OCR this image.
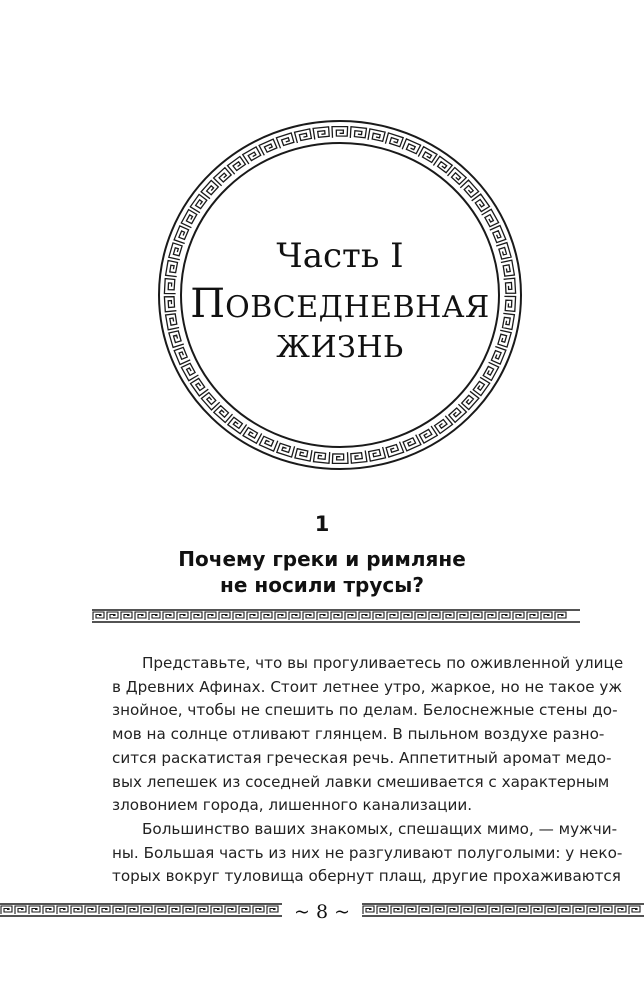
Часть I
ПОВСЕДНЕВНАЯ
ЖИЗНЬ
1
Почему греки и римляне
не носили трусы?
Представьте, что вы прогуливаетесь по оживленной улице
в Древних Афинах. Стоит летнее утро, жаркое, но не такое уж
знойное, чтобы не спешить по делам. Белоснежные стены до-
мов на солнце отливают глянцем. В пыльном воздухе разно-
сится раскатистая греческая речь. Аппетитный аромат медо-
вых лепешек из соседней лавки смешивается с характерным
зловонием города, лишенного канализации.
Большинство ваших знакомых, спешащих мимо, — мужчи-
ны. Большая часть из них не разгуливают полуголыми: у неко-
торых вокруг туловища обернут плащ, другие прохаживаются
~ 8 ~
